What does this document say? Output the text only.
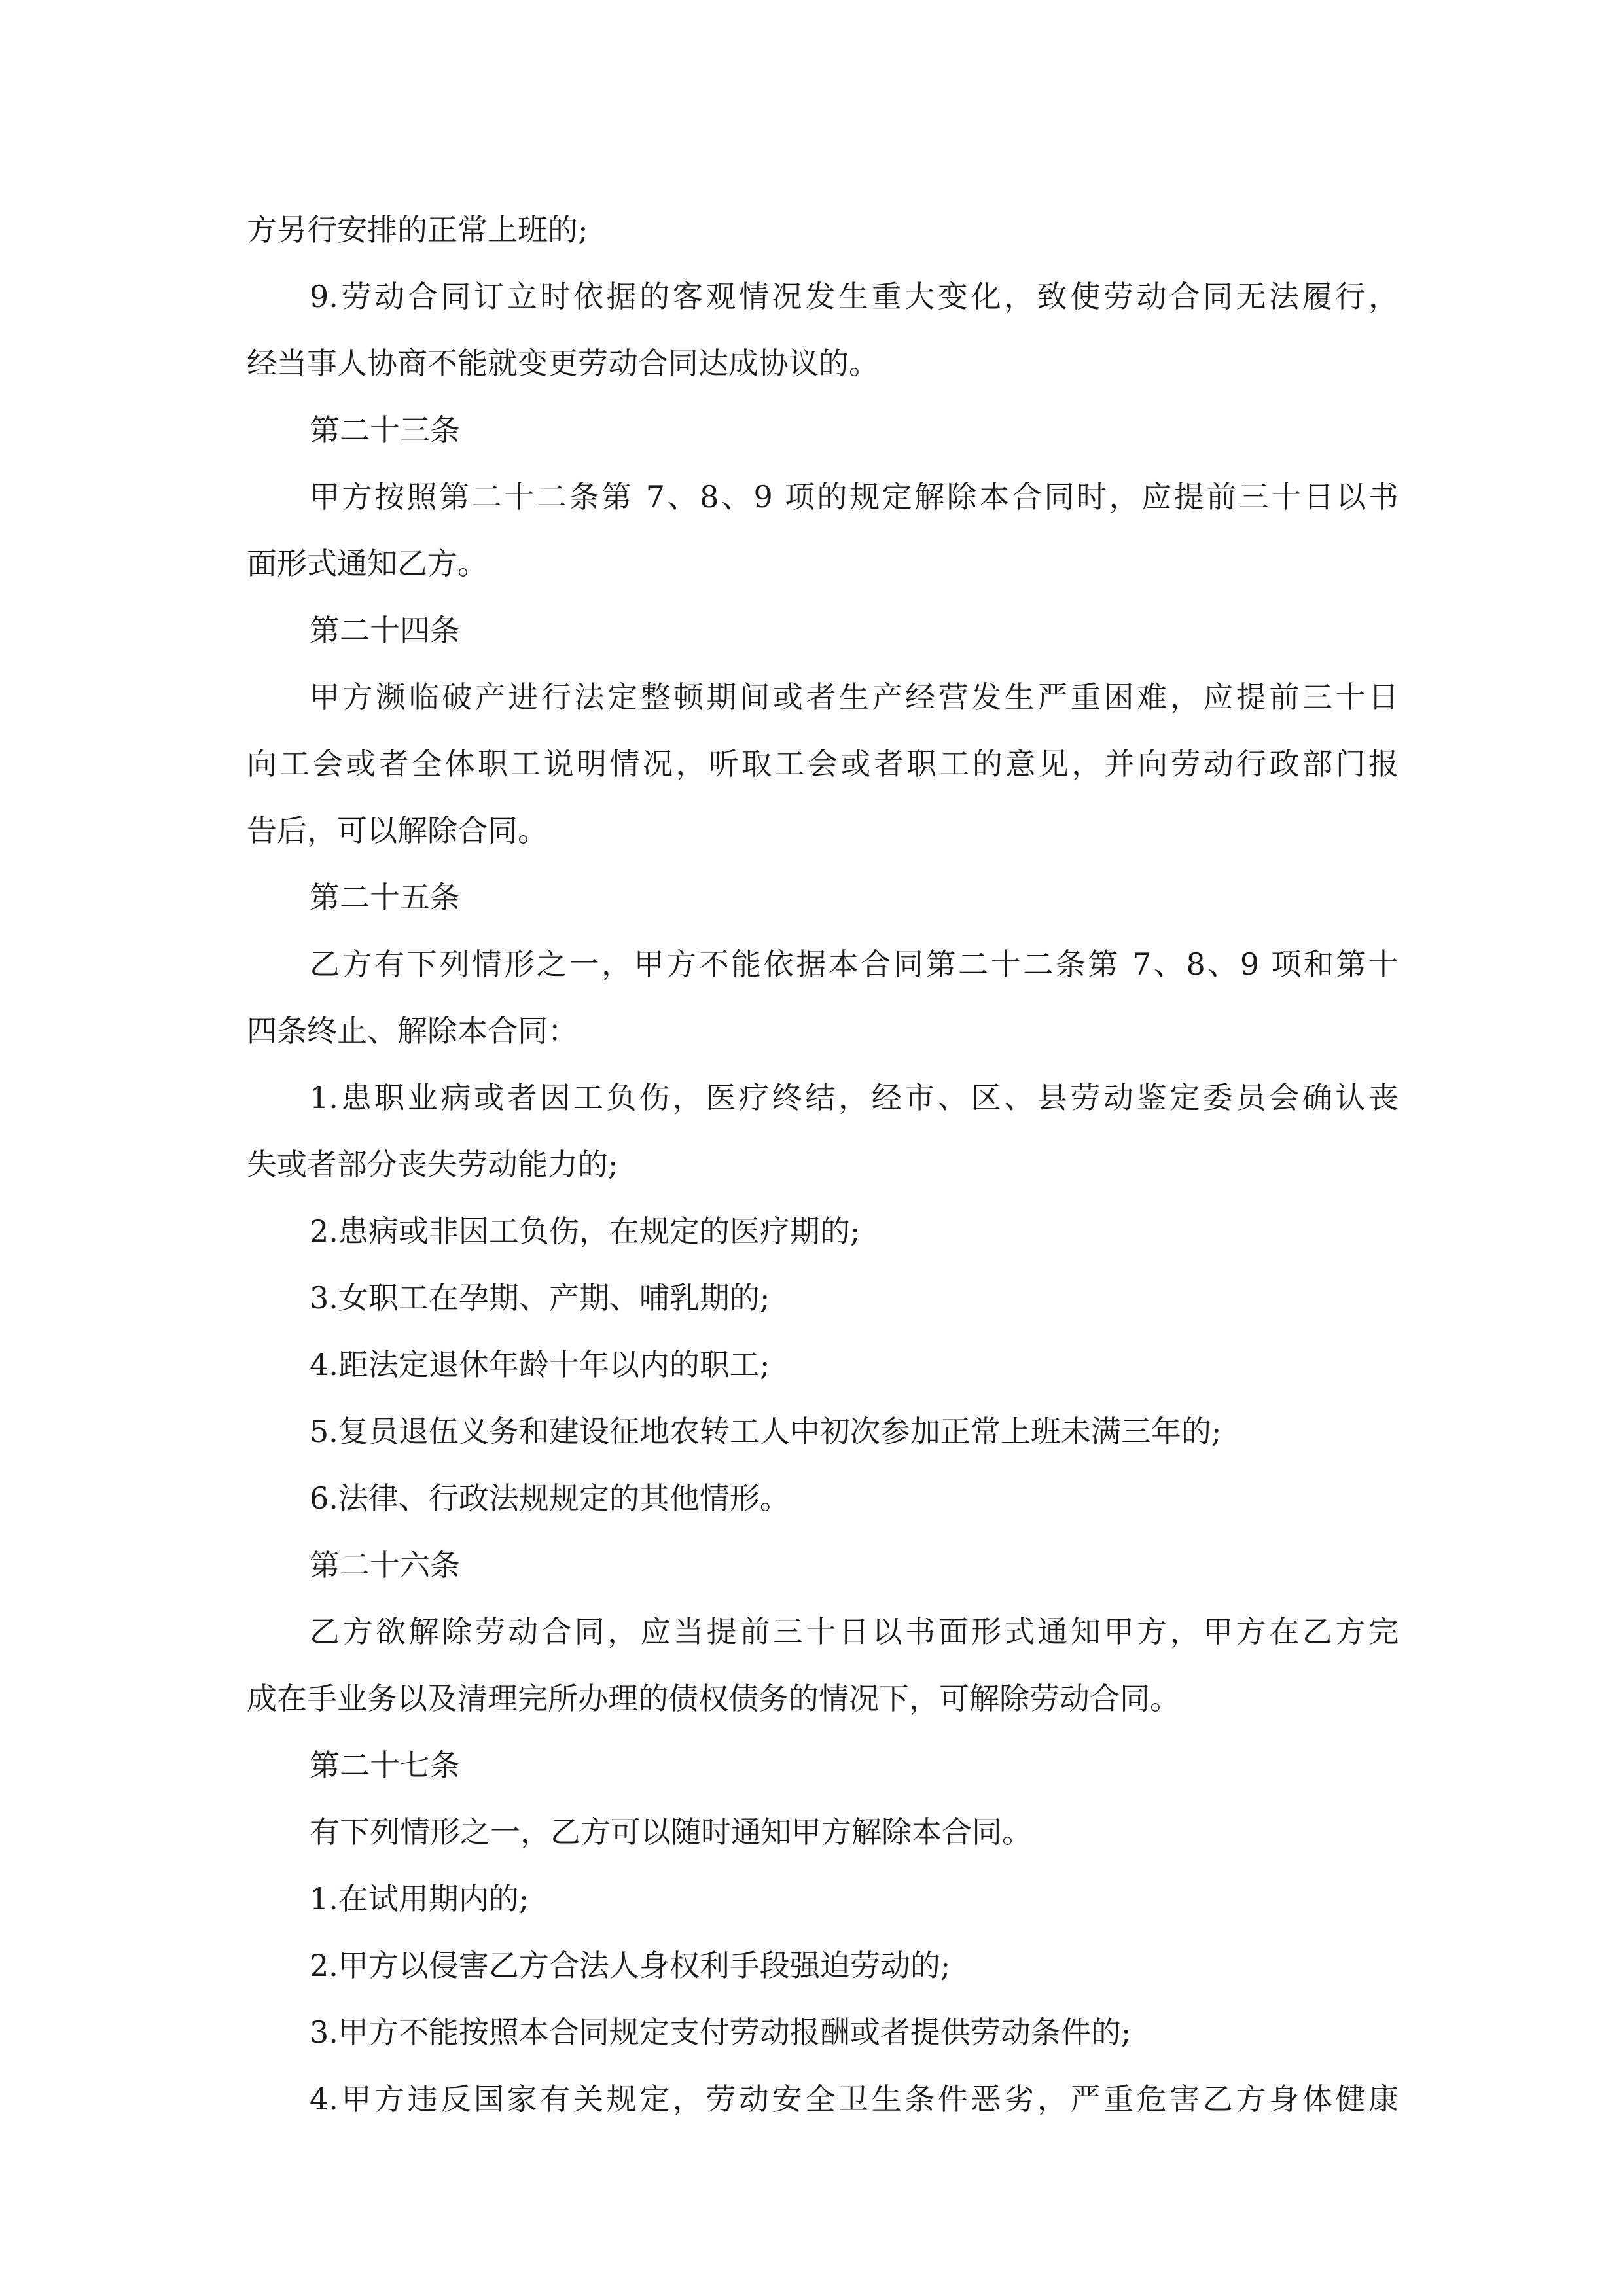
方另行安排的正常上班的;
9.劳动合同订立时依据的客观情况发生重大变化，致使劳动合同无法履行，
经当事人协商不能就变更劳动合同达成协议的。
第二十三条
甲方按照第二十二条第 7、8、9 项的规定解除本合同时，应提前三十日以书
面形式通知乙方。
第二十四条
甲方濒临破产进行法定整顿期间或者生产经营发生严重困难，应提前三十日
向工会或者全体职工说明情况，听取工会或者职工的意见，并向劳动行政部门报
告后，可以解除合同。
第二十五条
乙方有下列情形之一，甲方不能依据本合同第二十二条第 7、8、9 项和第十
四条终止、解除本合同：
1.患职业病或者因工负伤，医疗终结，经市、区、县劳动鉴定委员会确认丧
失或者部分丧失劳动能力的;
2.患病或非因工负伤，在规定的医疗期的;
3.女职工在孕期、产期、哺乳期的;
4.距法定退休年龄十年以内的职工;
5.复员退伍义务和建设征地农转工人中初次参加正常上班未满三年的;
6.法律、行政法规规定的其他情形。
第二十六条
乙方欲解除劳动合同，应当提前三十日以书面形式通知甲方，甲方在乙方完
成在手业务以及清理完所办理的债权债务的情况下，可解除劳动合同。
第二十七条
有下列情形之一，乙方可以随时通知甲方解除本合同。
1.在试用期内的;
2.甲方以侵害乙方合法人身权利手段强迫劳动的;
3.甲方不能按照本合同规定支付劳动报酬或者提供劳动条件的;
4.甲方违反国家有关规定，劳动安全卫生条件恶劣，严重危害乙方身体健康
